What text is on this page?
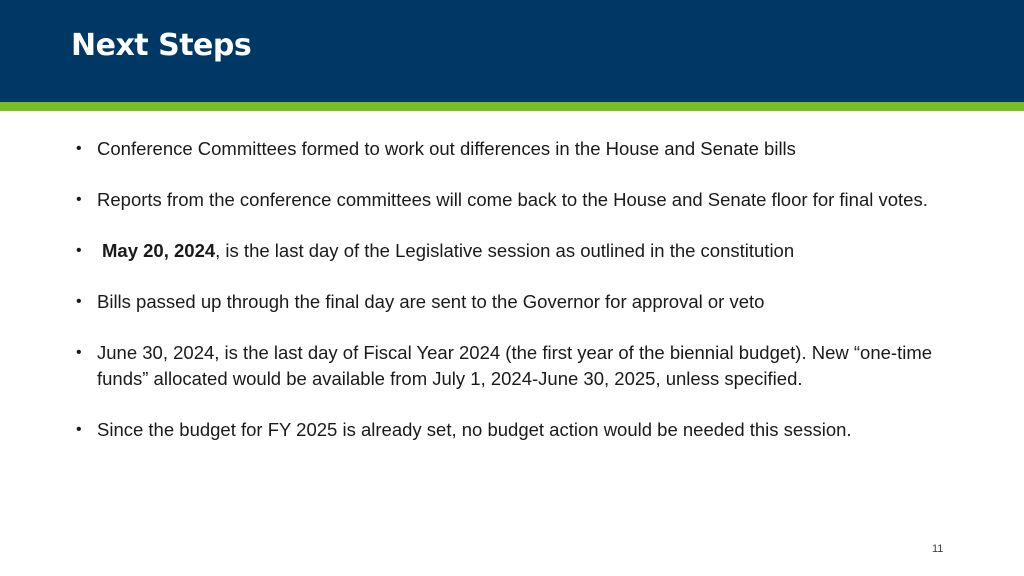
Next Steps
• Conference Committees formed to work out differences in the House and Senate bills
• Reports from the conference committees will come back to the House and Senate floor for final votes.
• May 20, 2024, is the last day of the Legislative session as outlined in the constitution
• Bills passed up through the final day are sent to the Governor for approval or veto
• June 30, 2024, is the last day of Fiscal Year 2024 (the first year of the biennial budget). New “one-time funds” allocated would be available from July 1, 2024-June 30, 2025, unless specified.
• Since the budget for FY 2025 is already set, no budget action would be needed this session.
11
